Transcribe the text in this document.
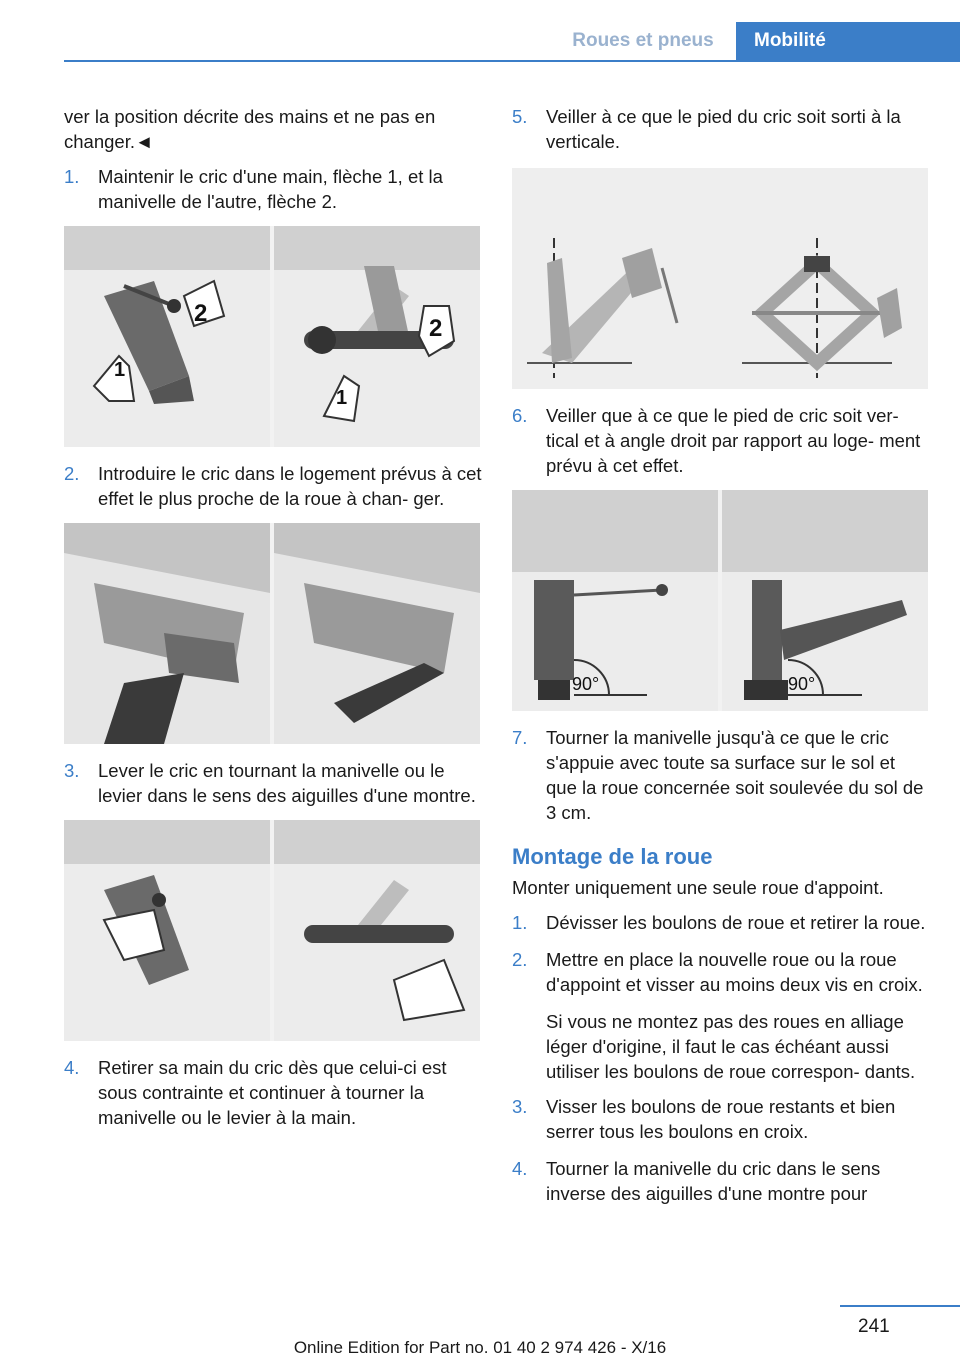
Roues et pneus	Mobilité

ver la position décrite des mains et ne pas en changer.◄

1.	Maintenir le cric d'une main, flèche 1, et la manivelle de l'autre, flèche 2.
1
2
2
1
2.	Introduire le cric dans le logement prévus à cet effet le plus proche de la roue à chan- ger.
3.	Lever le cric en tournant la manivelle ou le levier dans le sens des aiguilles d'une montre.
4.	Retirer sa main du cric dès que celui-ci est sous contrainte et continuer à tourner la manivelle ou le levier à la main.
5.	Veiller à ce que le pied du cric soit sorti à la verticale.
6.	Veiller que à ce que le pied de cric soit ver- tical et à angle droit par rapport au loge- ment prévu à cet effet.
90°	90°
7.	Tourner la manivelle jusqu'à ce que le cric s'appuie avec toute sa surface sur le sol et que la roue concernée soit soulevée du sol de 3 cm.
Montage de la roue

Monter uniquement une seule roue d'appoint.

1.	Dévisser les boulons de roue et retirer la roue.
2.	Mettre en place la nouvelle roue ou la roue d'appoint et visser au moins deux vis en croix.

Si vous ne montez pas des roues en alliage léger d'origine, il faut le cas échéant aussi utiliser les boulons de roue correspon- dants.

3.	Visser les boulons de roue restants et bien serrer tous les boulons en croix.
4.	Tourner la manivelle du cric dans le sens inverse des aiguilles d'une montre pour
241
Online Edition for Part no. 01 40 2 974 426 - X/16
